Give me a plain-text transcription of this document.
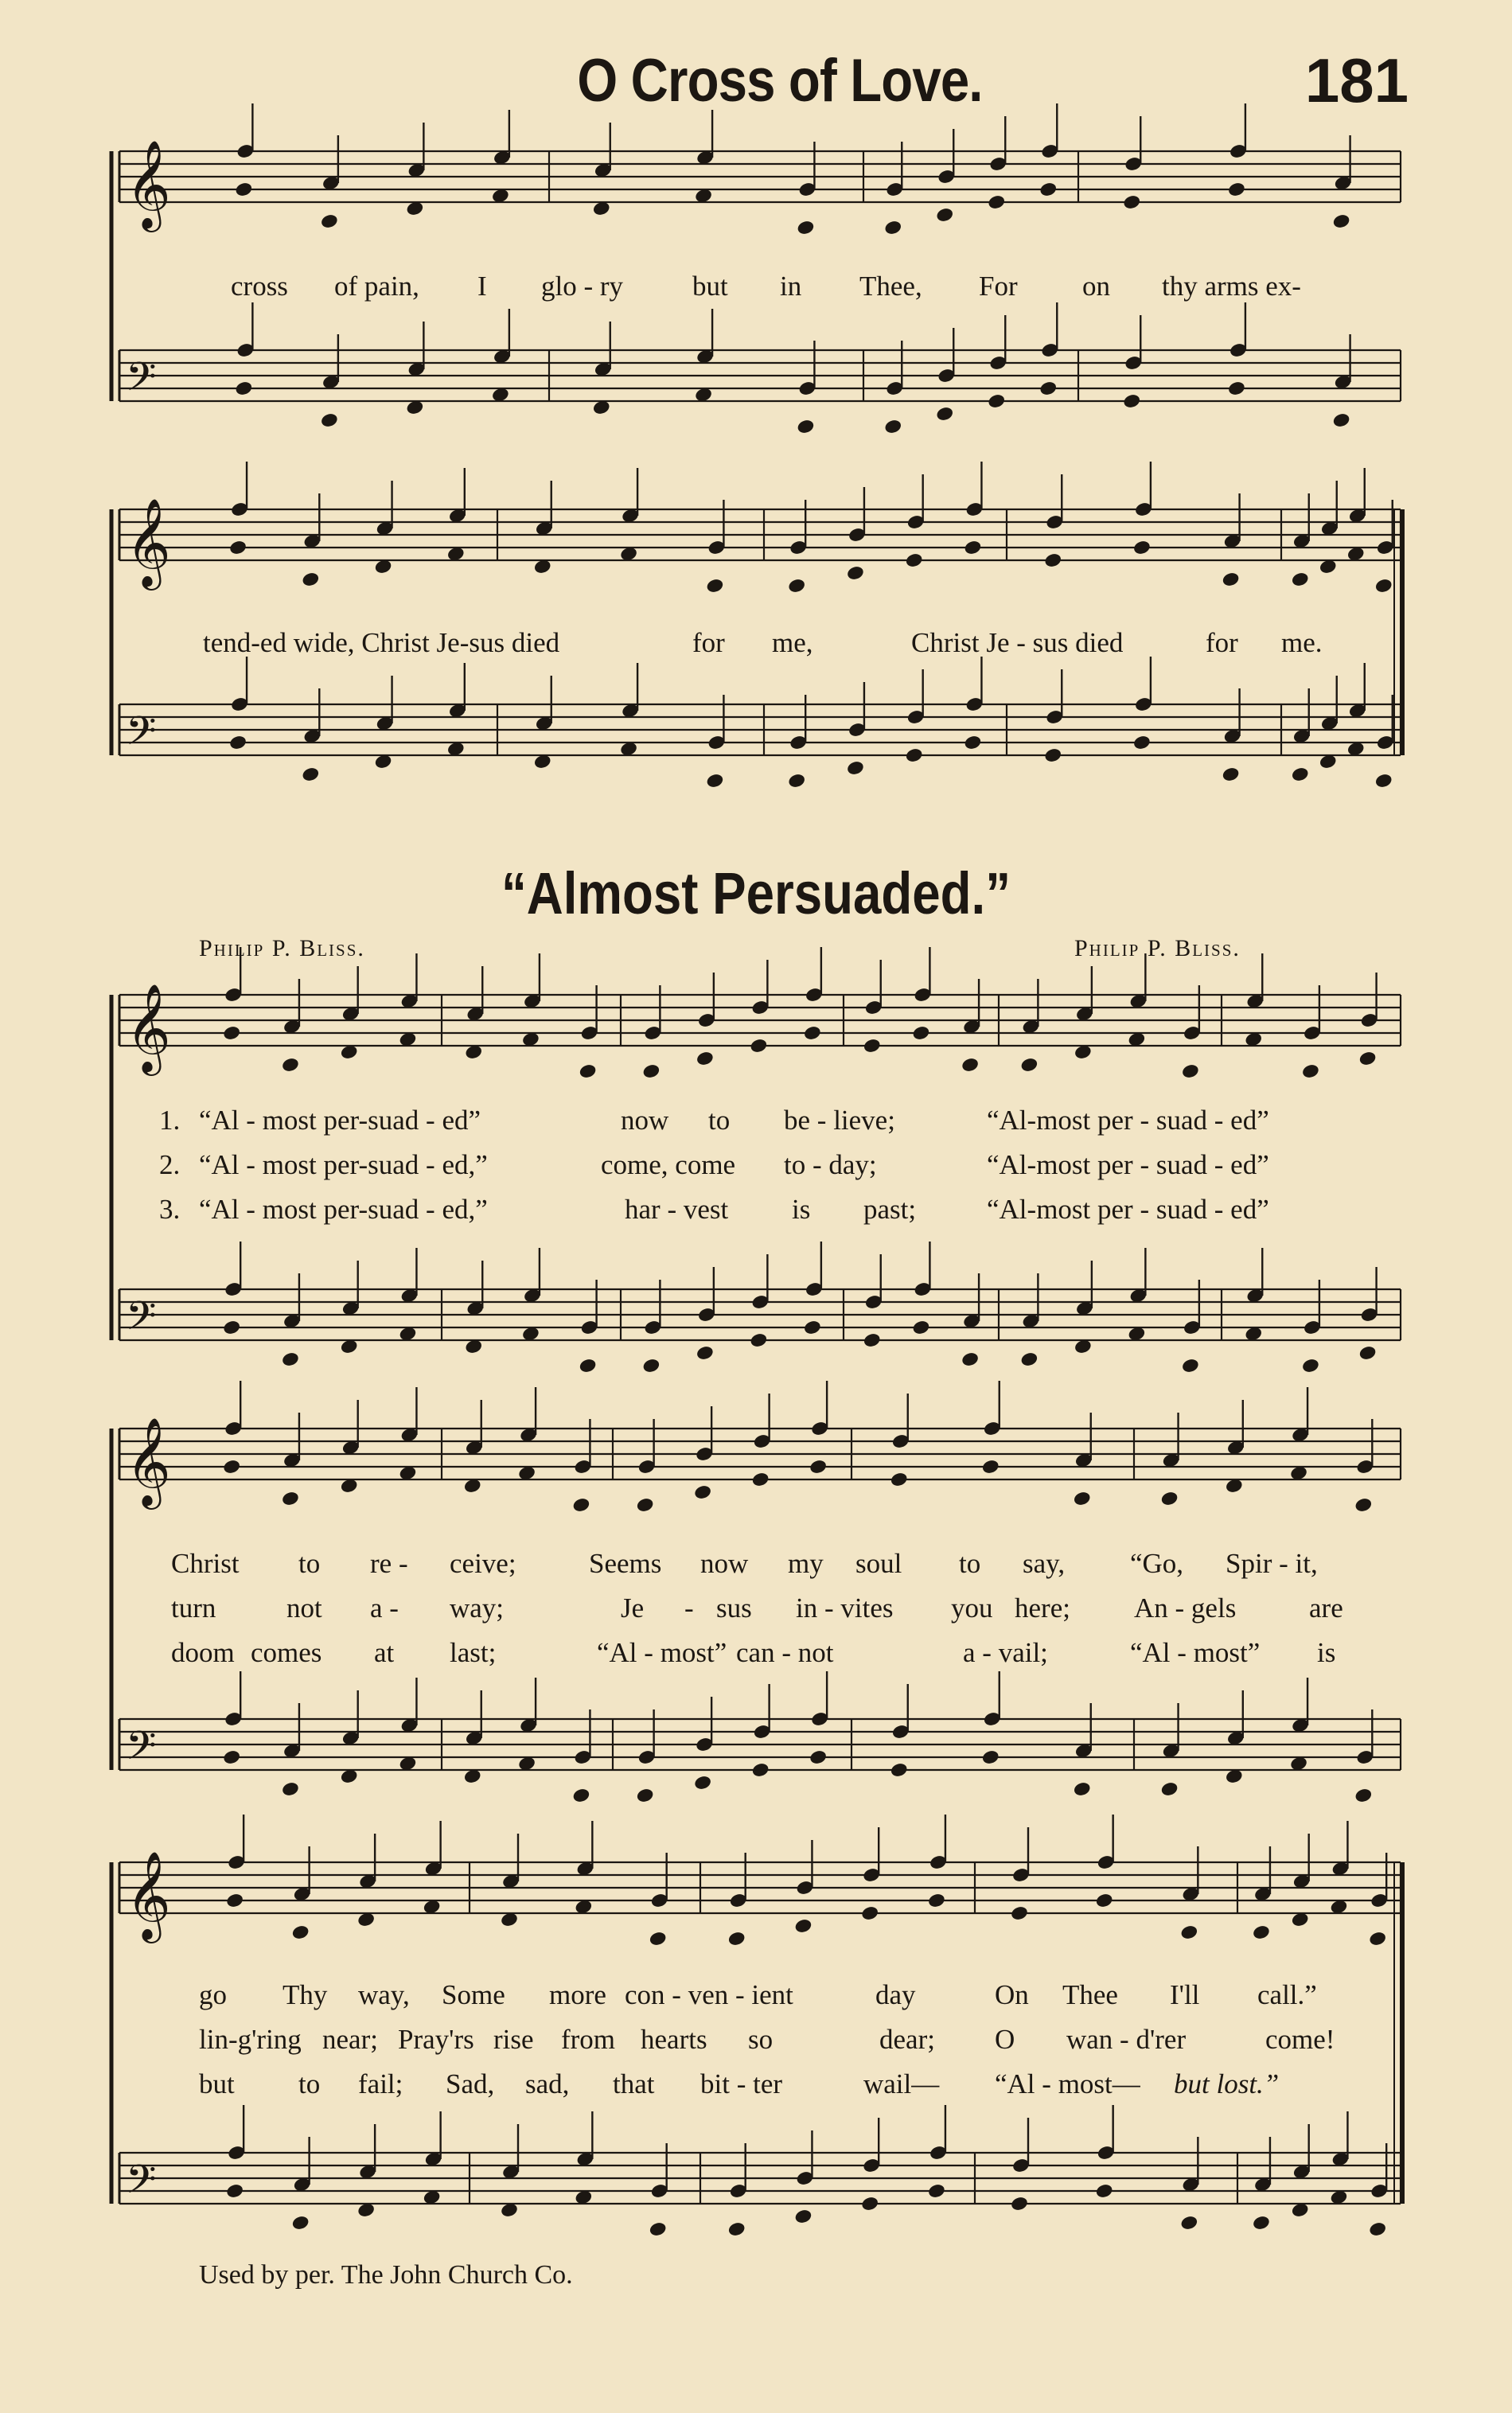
O Cross of Love.	181
“Almost Persuaded.”
Philip P. Bliss.	Philip P. Bliss.
𝄞
𝄢
𝄞
𝄢
𝄞
𝄢
𝄞
𝄢
𝄞
𝄢
cross of pain, I glo - ry but in Thee, For on thy arms ex-
tend-ed wide, Christ Je-sus died	for me,	Christ Je - sus died	for me.
1. “Al - most per-suad - ed”	now to be - lieve;	“Al-most per - suad - ed”
2. “Al - most per-suad - ed,”	come, come to - day;	“Al-most per - suad - ed”
3. “Al - most per-suad - ed,”	har - vest is past;	“Al-most per - suad - ed”
Christ to re - ceive;	Seems now my soul to say, “Go, Spir - it,
turn	not a - way;	Je - sus in - vites you here; An - gels	are
doom comes at last;	“Al - most” can - not	a - vail;	“Al - most” is
go Thy way, Some more con - ven - ient	day	On Thee I'll call.”
lin-g'ring near; Pray'rs rise from hearts so	dear; O wan - d'rer	come!
but to fail; Sad, sad, that bit - ter	wail— “Al - most— but lost.”
Used by per. The John Church Co.
